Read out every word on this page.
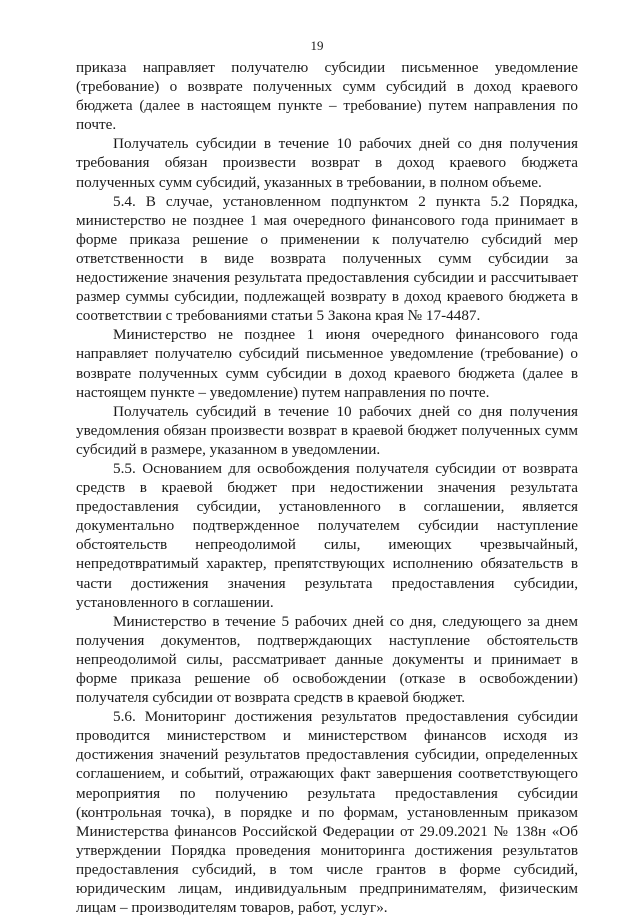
19

приказа направляет получателю субсидии письменное уведомление (требование) о возврате полученных сумм субсидий в доход краевого бюджета (далее в настоящем пункте – требование) путем направления по почте.

Получатель субсидии в течение 10 рабочих дней со дня получения требования обязан произвести возврат в доход краевого бюджета полученных сумм субсидий, указанных в требовании, в полном объеме.

5.4. В случае, установленном подпунктом 2 пункта 5.2 Порядка, министерство не позднее 1 мая очередного финансового года принимает в форме приказа решение о применении к получателю субсидий мер ответственности в виде возврата полученных сумм субсидии за недостижение значения результата предоставления субсидии и рассчитывает размер суммы субсидии, подлежащей возврату в доход краевого бюджета в соответствии с требованиями статьи 5 Закона края № 17-4487.

Министерство не позднее 1 июня очередного финансового года направляет получателю субсидий письменное уведомление (требование) о возврате полученных сумм субсидии в доход краевого бюджета (далее в настоящем пункте – уведомление) путем направления по почте.

Получатель субсидий в течение 10 рабочих дней со дня получения уведомления обязан произвести возврат в краевой бюджет полученных сумм субсидий в размере, указанном в уведомлении.

5.5. Основанием для освобождения получателя субсидии от возврата средств в краевой бюджет при недостижении значения результата предоставления субсидии, установленного в соглашении, является документально подтвержденное получателем субсидии наступление обстоятельств непреодолимой силы, имеющих чрезвычайный, непредотвратимый характер, препятствующих исполнению обязательств в части достижения значения результата предоставления субсидии, установленного в соглашении.

Министерство в течение 5 рабочих дней со дня, следующего за днем получения документов, подтверждающих наступление обстоятельств непреодолимой силы, рассматривает данные документы и принимает в форме приказа решение об освобождении (отказе в освобождении) получателя субсидии от возврата средств в краевой бюджет.

5.6. Мониторинг достижения результатов предоставления субсидии проводится министерством и министерством финансов исходя из достижения значений результатов предоставления субсидии, определенных соглашением, и событий, отражающих факт завершения соответствующего мероприятия по получению результата предоставления субсидии (контрольная точка), в порядке и по формам, установленным приказом Министерства финансов Российской Федерации от 29.09.2021 № 138н «Об утверждении Порядка проведения мониторинга достижения результатов предоставления субсидий, в том числе грантов в форме субсидий, юридическим лицам, индивидуальным предпринимателям, физическим лицам – производителям товаров, работ, услуг».
